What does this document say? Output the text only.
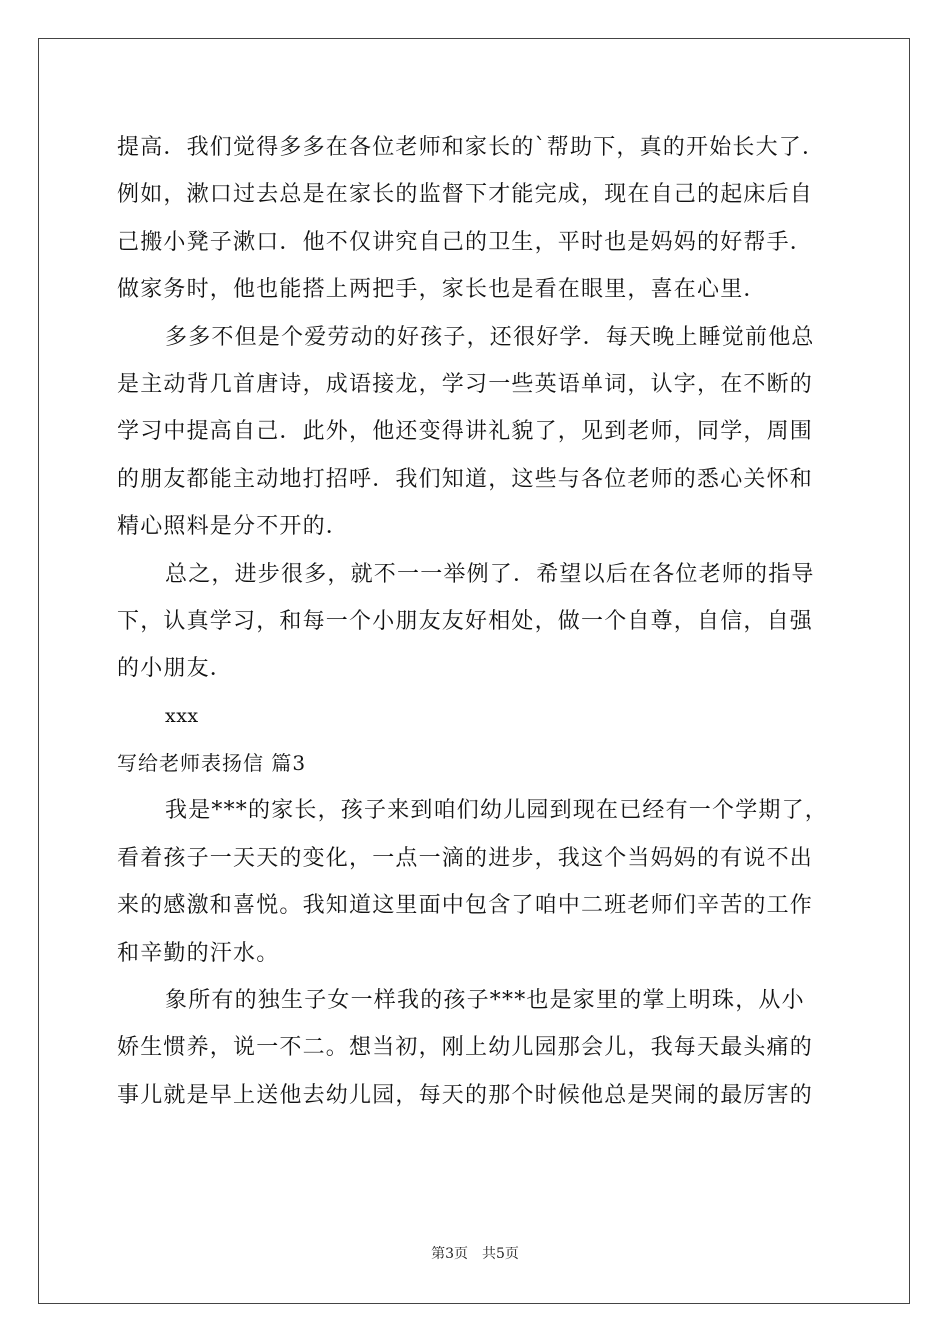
提高．我们觉得多多在各位老师和家长的`帮助下，真的开始长大了．
例如，漱口过去总是在家长的监督下才能完成，现在自己的起床后自
己搬小凳子漱口．他不仅讲究自己的卫生，平时也是妈妈的好帮手．
做家务时，他也能搭上两把手，家长也是看在眼里，喜在心里．
多多不但是个爱劳动的好孩子，还很好学．每天晚上睡觉前他总
是主动背几首唐诗，成语接龙，学习一些英语单词，认字，在不断的
学习中提高自己．此外，他还变得讲礼貌了，见到老师，同学，周围
的朋友都能主动地打招呼．我们知道，这些与各位老师的悉心关怀和
精心照料是分不开的．
总之，进步很多，就不一一举例了．希望以后在各位老师的指导
下，认真学习，和每一个小朋友友好相处，做一个自尊，自信，自强
的小朋友．
xxx
写给老师表扬信 篇3
我是***的家长，孩子来到咱们幼儿园到现在已经有一个学期了，
看着孩子一天天的变化，一点一滴的进步，我这个当妈妈的有说不出
来的感激和喜悦。我知道这里面中包含了咱中二班老师们辛苦的工作
和辛勤的汗水。
象所有的独生子女一样我的孩子***也是家里的掌上明珠，从小
娇生惯养，说一不二。想当初，刚上幼儿园那会儿，我每天最头痛的
事儿就是早上送他去幼儿园，每天的那个时候他总是哭闹的最厉害的
第3页　共5页
